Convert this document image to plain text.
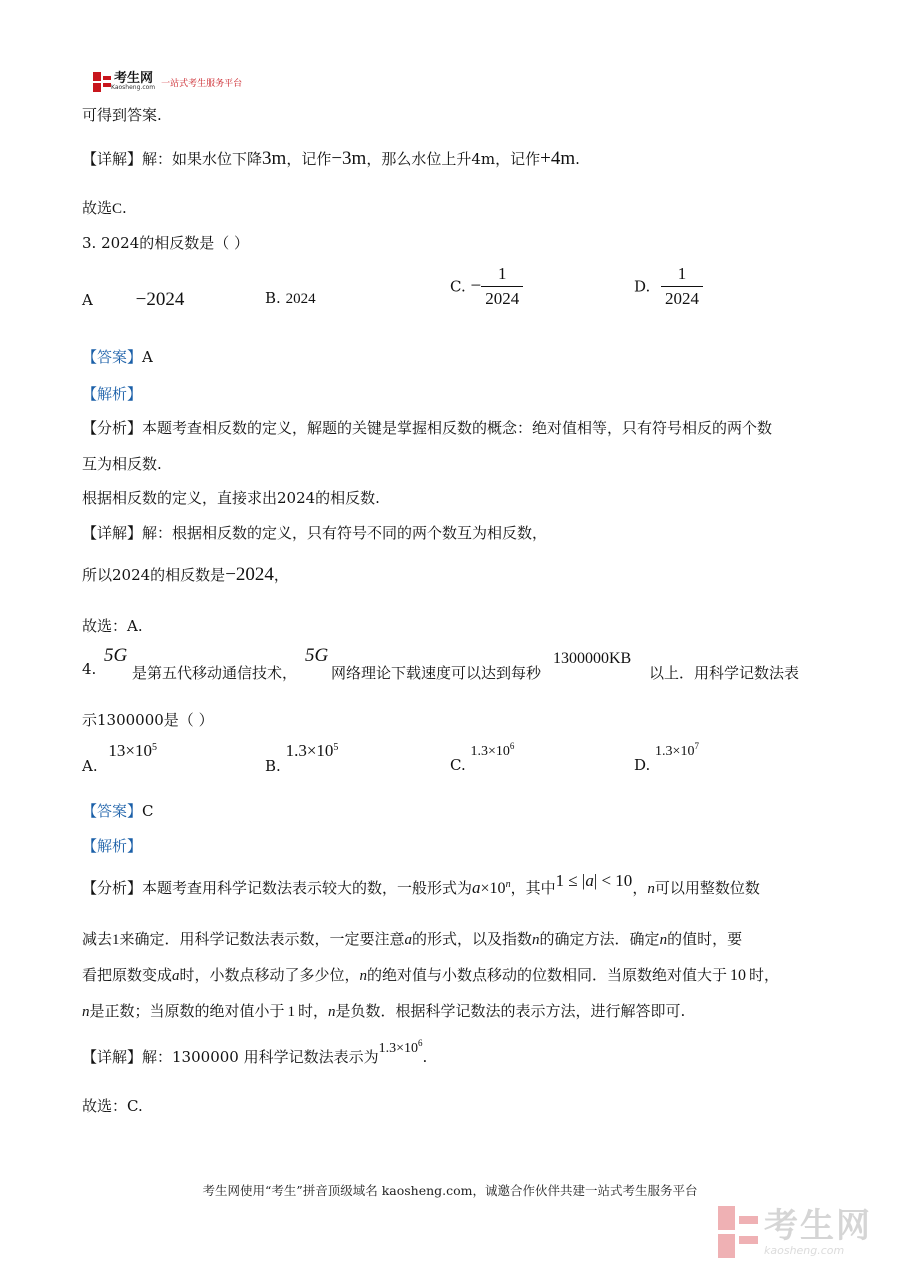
考生网
Kaosheng.com 一站式考生服务平台
可得到答案.
【详解】解：如果水位下降3m，记作−3m，那么水位上升4m，记作+4m.
故选C.
3. 2024的相反数是（ ）
A −2024	B. 2024
C. − $\frac{1}{2024}$	D. $\frac{1}{2024}$
【答案】A
【解析】
【分析】本题考查相反数的定义，解题的关键是掌握相反数的概念：绝对值相等，只有符号相反的两个数
互为相反数.
根据相反数的定义，直接求出2024的相反数.
【详解】解：根据相反数的定义，只有符号不同的两个数互为相反数，
所以2024的相反数是−2024，
故选：A.
4.
5G
是第五代移动通信技术，
5G
网络理论下载速度可以达到每秒
1300000KB
以上．用科学记数法表
示1300000是（ ）
A. $13\times 10^5$
B. $1.3\times 10^5$
C. $1.3\times 10^6$
D. $1.3\times 10^7$
【答案】C
【解析】
【分析】本题考查用科学记数法表示较大的数，一般形式为$a\times 10^n$，其中1 ≤ |a| < 10，n可以用整数位数
减去1来确定．用科学记数法表示数，一定要注意a的形式，以及指数n的确定方法．确定n的值时，要
看把原数变成a时，小数点移动了多少位，n的绝对值与小数点移动的位数相同．当原数绝对值大于 10 时，
n是正数；当原数的绝对值小于 1 时，n是负数．根据科学记数法的表示方法，进行解答即可.
【详解】解：1300000 用科学记数法表示为$1.3\times 10^6$.
故选：C.
考生网使用“考生”拼音顶级域名 kaosheng.com，诚邀合作伙伴共建一站式考生服务平台
考生网
kaosheng.com
